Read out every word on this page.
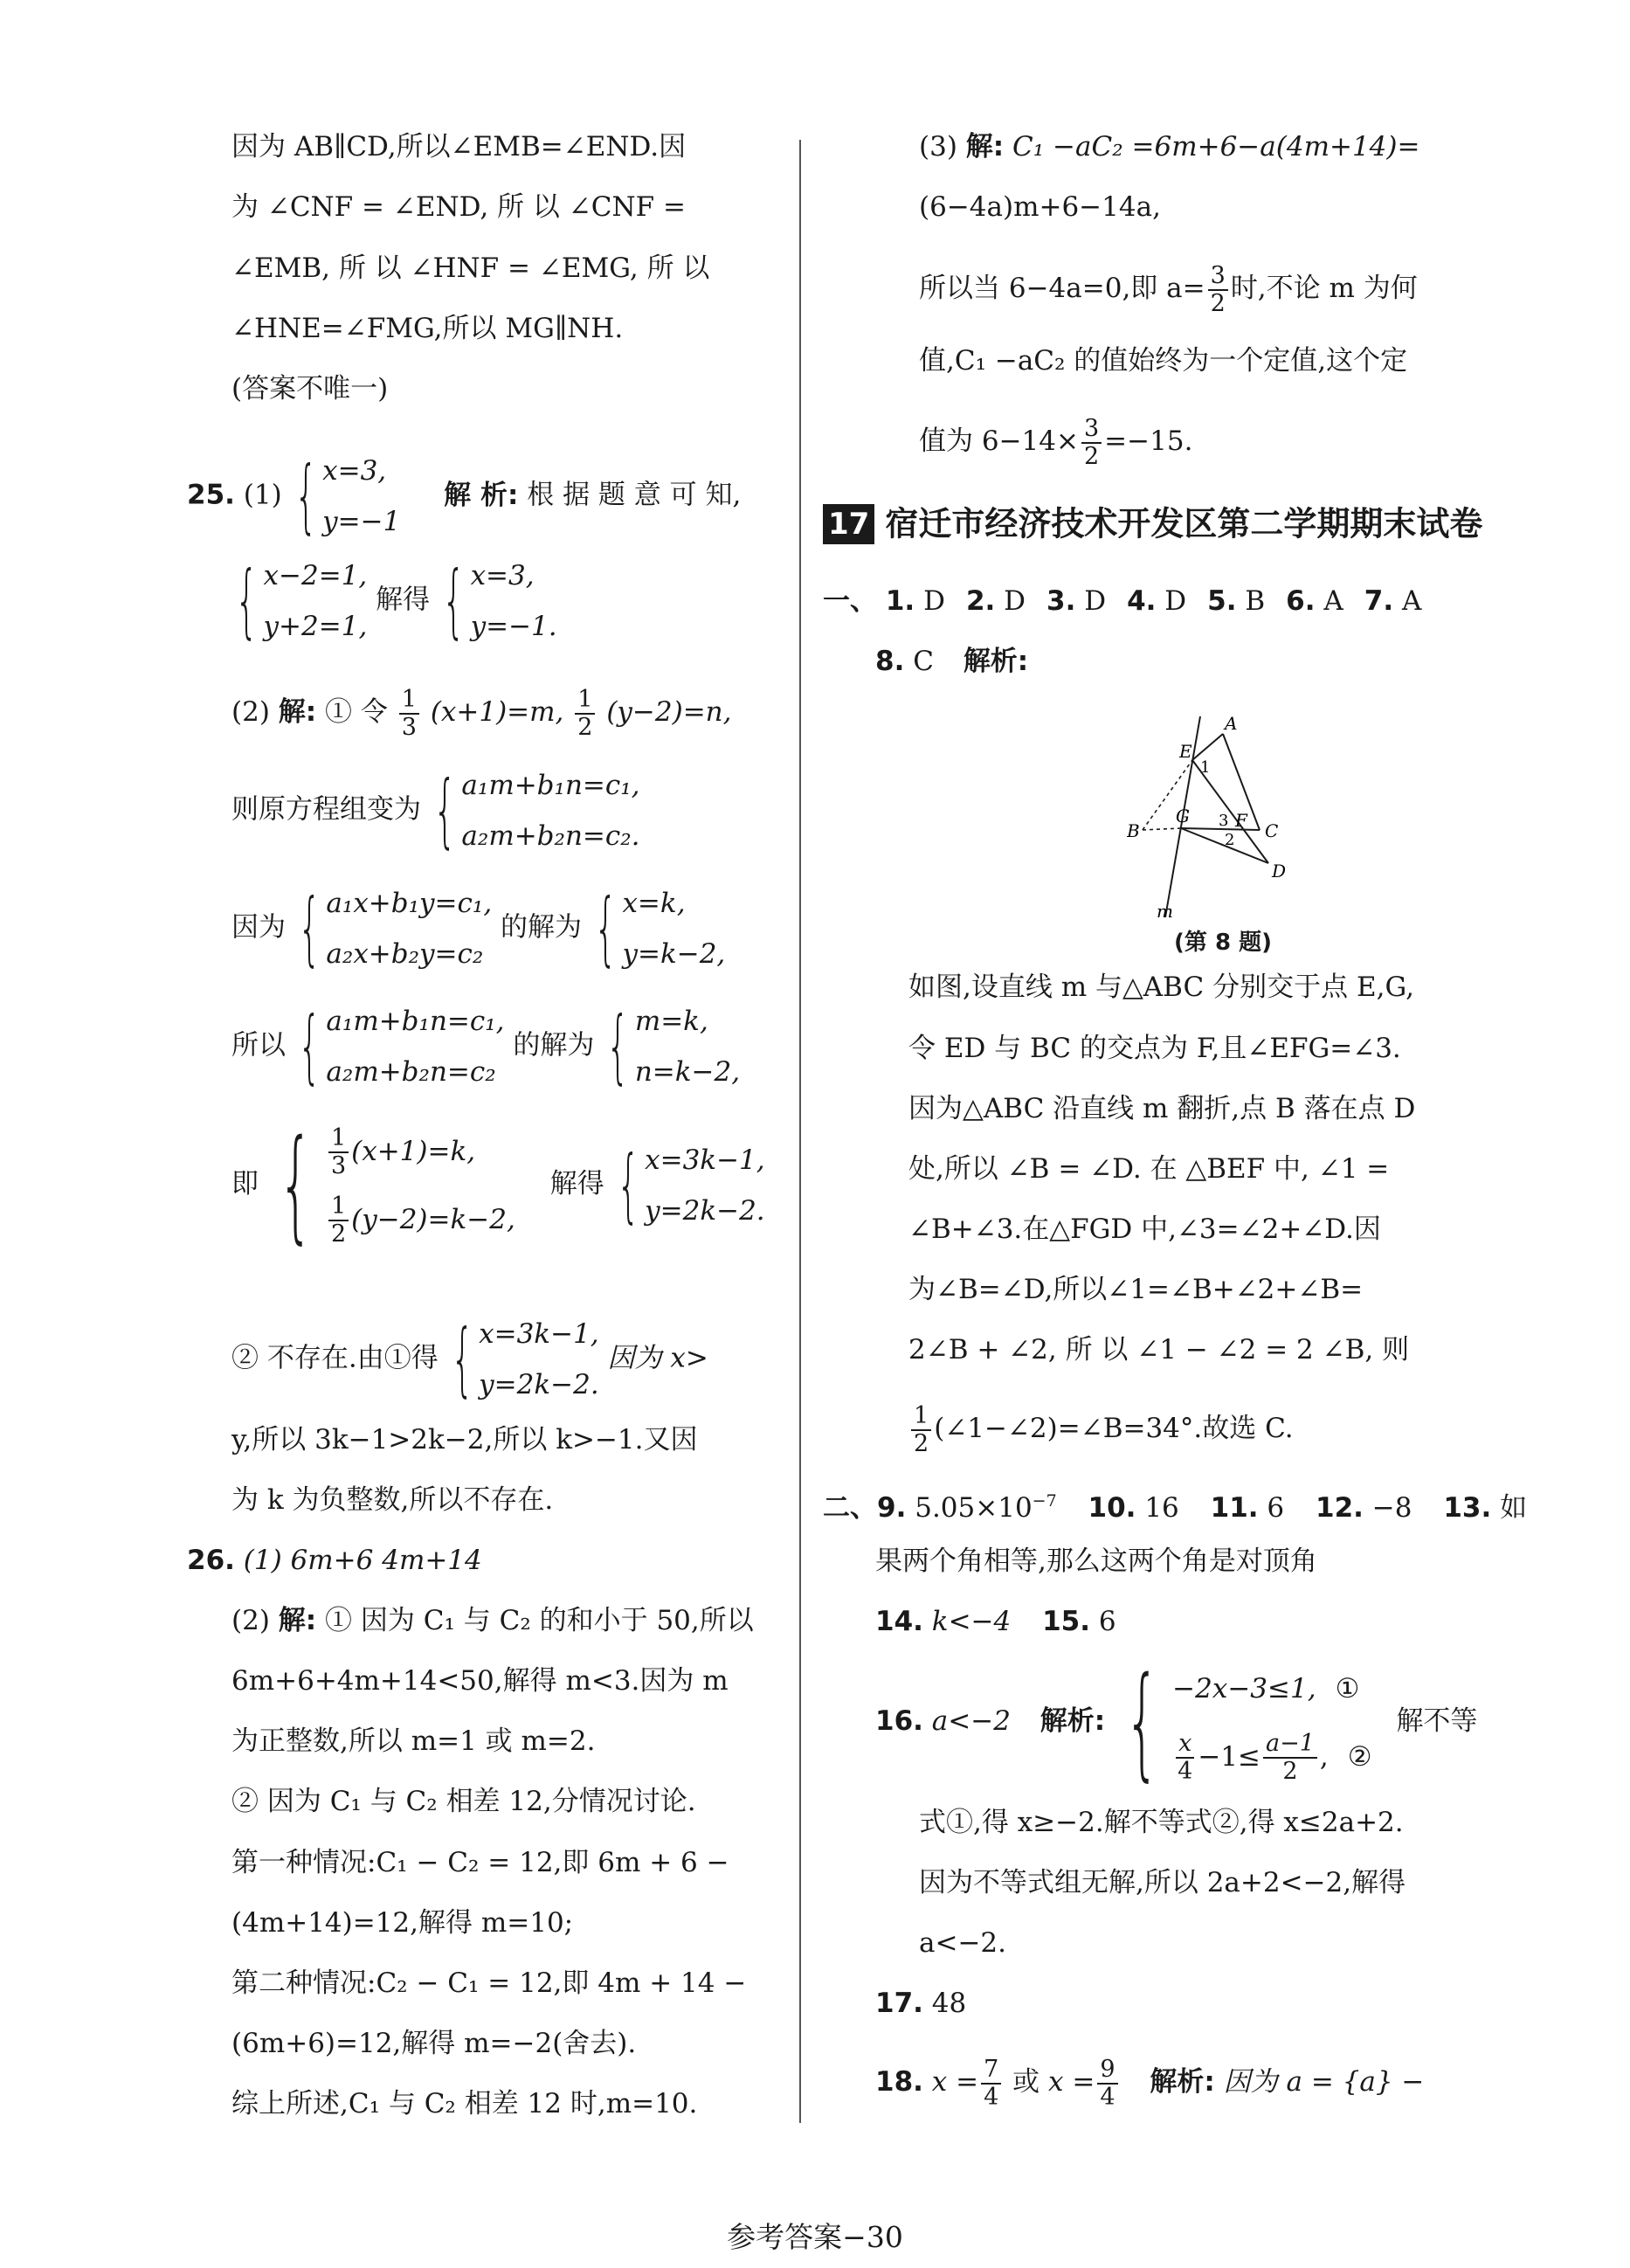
因为 AB∥CD,所以∠EMB=∠END.因
为 ∠CNF = ∠END, 所 以 ∠CNF =
∠EMB, 所 以 ∠HNF = ∠EMG, 所 以
∠HNE=∠FMG,所以 MG∥NH.
(答案不唯一)
25. (1) { x=3,
y=−1
解 析: 根 据 题 意 可 知,
{ x−2=1,
y+2=1,
解得 { x=3,
y=−1.
(2) 解: ① 令 $\frac{1}{3} (x+1)=m$, $\frac{1}{2} (y-2)=n$,
则原方程组变为 { a₁m+b₁n=c₁,
a₂m+b₂n=c₂.
因为 { a₁x+b₁y=c₁,
a₂x+b₂y=c₂
的解为 { x=k,
y=k−2,
所以 { a₁m+b₁n=c₁,
a₂m+b₂n=c₂
的解为 { m=k,
n=k−2,
即 { $\frac{1}{3} (x+1)=k$,
$\frac{1}{2} (y-2)=k-2$,
解得 { x=3k−1,
y=2k−2.
② 不存在.由①得 { x=3k−1,
y=2k−2.
因为 x>
y,所以 3k−1>2k−2,所以 k>−1.又因
为 k 为负整数,所以不存在.
26. (1) 6m+6 4m+14
(2) 解: ① 因为 C₁ 与 C₂ 的和小于 50,所以
6m+6+4m+14<50,解得 m<3.因为 m
为正整数,所以 m=1 或 m=2.
② 因为 C₁ 与 C₂ 相差 12,分情况讨论.
第一种情况:C₁ − C₂ = 12,即 6m + 6 −
(4m+14)=12,解得 m=10;
第二种情况:C₂ − C₁ = 12,即 4m + 14 −
(6m+6)=12,解得 m=−2(舍去).
综上所述,C₁ 与 C₂ 相差 12 时,m=10.
(3) 解: C₁ −aC₂ =6m+6−a(4m+14)=
(6−4a)m+6−14a,
所以当 6−4a=0,即 $a= \frac{3}{2}$ 时,不论 m 为何
值,C₁ −aC₂ 的值始终为一个定值,这个定
值为 $6-14\times \frac{3}{2} =-15$.
17 宿迁市经济技术开发区第二学期期末试卷
一、 1. D 2. D 3. D 4. D 5. B 6. A 7. A
8. C 解析:
如图,设直线 m 与△ABC 分别交于点 E,G,
令 ED 与 BC 的交点为 F,且∠EFG=∠3.
因为△ABC 沿直线 m 翻折,点 B 落在点 D
处,所以 ∠B = ∠D. 在 △BEF 中, ∠1 =
∠B+∠3.在△FGD 中,∠3=∠2+∠D.因
为∠B=∠D,所以∠1=∠B+∠2+∠B=
2∠B + ∠2, 所 以 ∠1 − ∠2 = 2 ∠B, 则
$\frac{1}{2}$ (∠1−∠2)=∠B=34°.故选 C.
二、9. $5.05\times 10^{-7}$ 10. 16 11. 6 12. −8 13. 如
果两个角相等,那么这两个角是对顶角
14. k<−4 15. 6
16. a<−2 解析: { −2x−3≤1, ①
$\frac{x}{4} -1\le \frac{a-1}{2}$ , ②
解不等
式①,得 x≥−2.解不等式②,得 x≤2a+2.
因为不等式组无解,所以 2a+2<−2,解得
a<−2.
17. 48
18. $x = \frac{7}{4}$ 或 $x = \frac{9}{4}$ 解析: 因为 a = {a} −
A
B	C
D
E
F
G
m
1
2
3
(第 8 题)
参考答案−30
